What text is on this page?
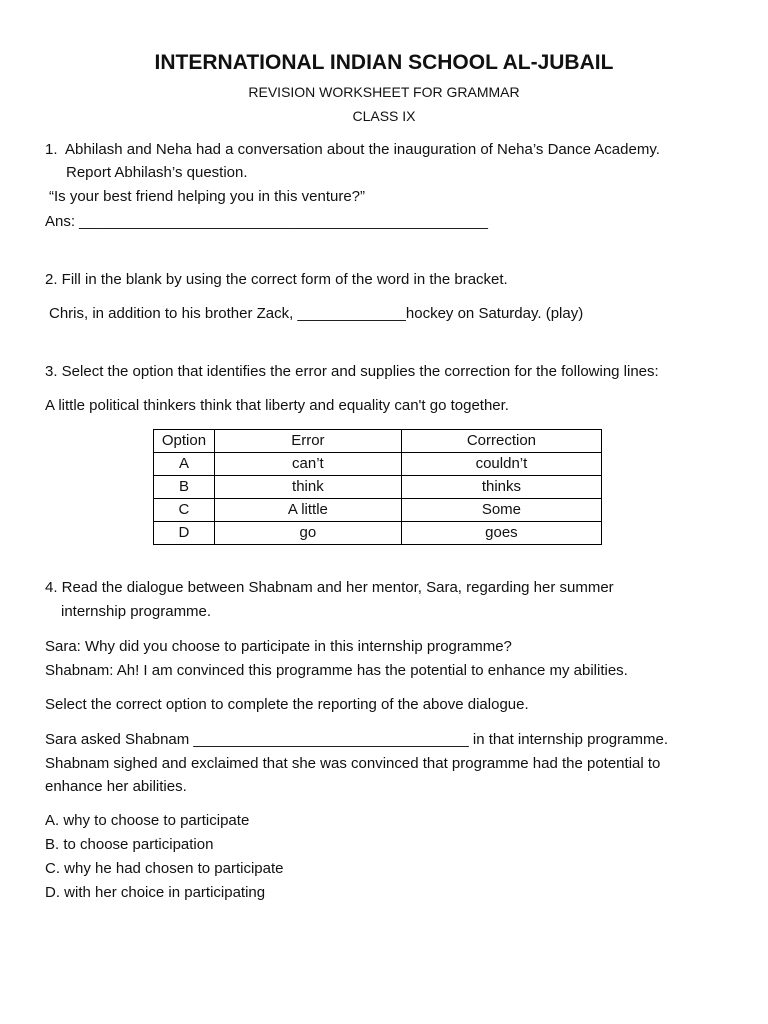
INTERNATIONAL INDIAN SCHOOL AL-JUBAIL
REVISION WORKSHEET FOR GRAMMAR
CLASS IX
1.  Abhilash and Neha had a conversation about the inauguration of Neha’s Dance Academy.
Report Abhilash’s question.
“Is your best friend helping you in this venture?”
Ans: _________________________________________________
2. Fill in the blank by using the correct form of the word in the bracket.
Chris, in addition to his brother Zack, _____________hockey on Saturday. (play)
3. Select the option that identifies the error and supplies the correction for the following lines:
A little political thinkers think that liberty and equality can't go together.
Option	Error	Correction
A	can’t	couldn’t
B	think	thinks
C	A little	Some
D	go	goes
4. Read the dialogue between Shabnam and her mentor, Sara, regarding her summer
internship programme.
Sara: Why did you choose to participate in this internship programme?
Shabnam: Ah! I am convinced this programme has the potential to enhance my abilities.
Select the correct option to complete the reporting of the above dialogue.
Sara asked Shabnam _________________________________ in that internship programme.
Shabnam sighed and exclaimed that she was convinced that programme had the potential to
enhance her abilities.
A. why to choose to participate
B. to choose participation
C. why he had chosen to participate
D. with her choice in participating
